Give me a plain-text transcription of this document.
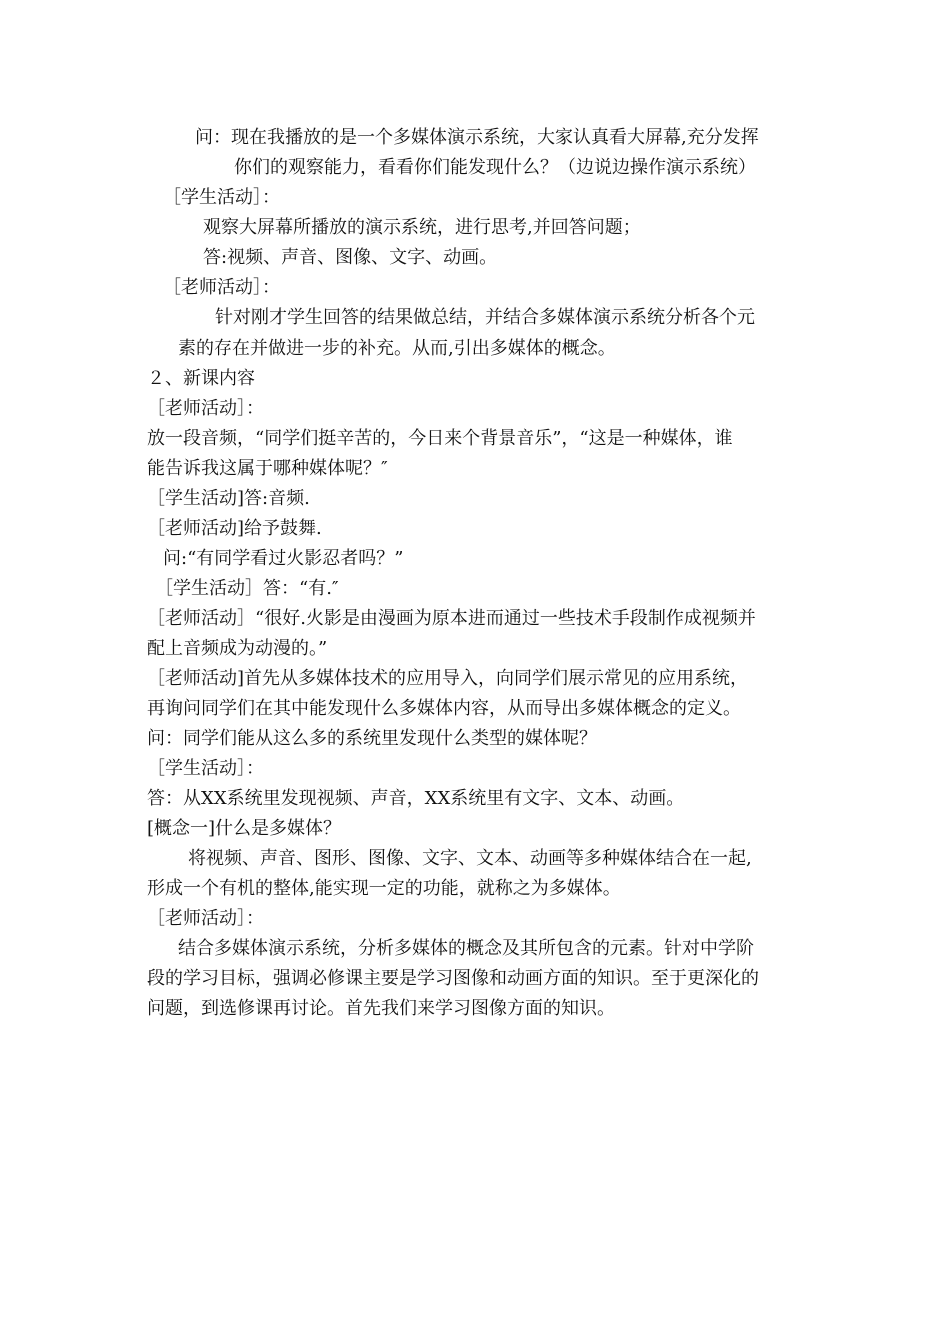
问：现在我播放的是一个多媒体演示系统，大家认真看大屏幕,充分发挥

你们的观察能力，看看你们能发现什么？（边说边操作演示系统）

［学生活动］：

观察大屏幕所播放的演示系统，进行思考,并回答问题；

答:视频、声音、图像、文字、动画。

［老师活动］：

针对刚才学生回答的结果做总结，并结合多媒体演示系统分析各个元

素的存在并做进一步的补充。从而,引出多媒体的概念。

２、新课内容

［老师活动］：

放一段音频，“同学们挺辛苦的，今日来个背景音乐”，“这是一种媒体，谁

能告诉我这属于哪种媒体呢？″

［学生活动]答:音频.

［老师活动]给予鼓舞.

问:“有同学看过火影忍者吗？”

［学生活动］答：“有.″

［老师活动］“很好.火影是由漫画为原本进而通过一些技术手段制作成视频并

配上音频成为动漫的。”

［老师活动]首先从多媒体技术的应用导入，向同学们展示常见的应用系统，

再询问同学们在其中能发现什么多媒体内容，从而导出多媒体概念的定义。

问：同学们能从这么多的系统里发现什么类型的媒体呢？

［学生活动］：

答：从XX系统里发现视频、声音，XX系统里有文字、文本、动画。

[概念一]什么是多媒体？

将视频、声音、图形、图像、文字、文本、动画等多种媒体结合在一起,

形成一个有机的整体,能实现一定的功能，就称之为多媒体。

［老师活动］：

结合多媒体演示系统，分析多媒体的概念及其所包含的元素。针对中学阶

段的学习目标，强调必修课主要是学习图像和动画方面的知识。至于更深化的

问题，到选修课再讨论。首先我们来学习图像方面的知识。
